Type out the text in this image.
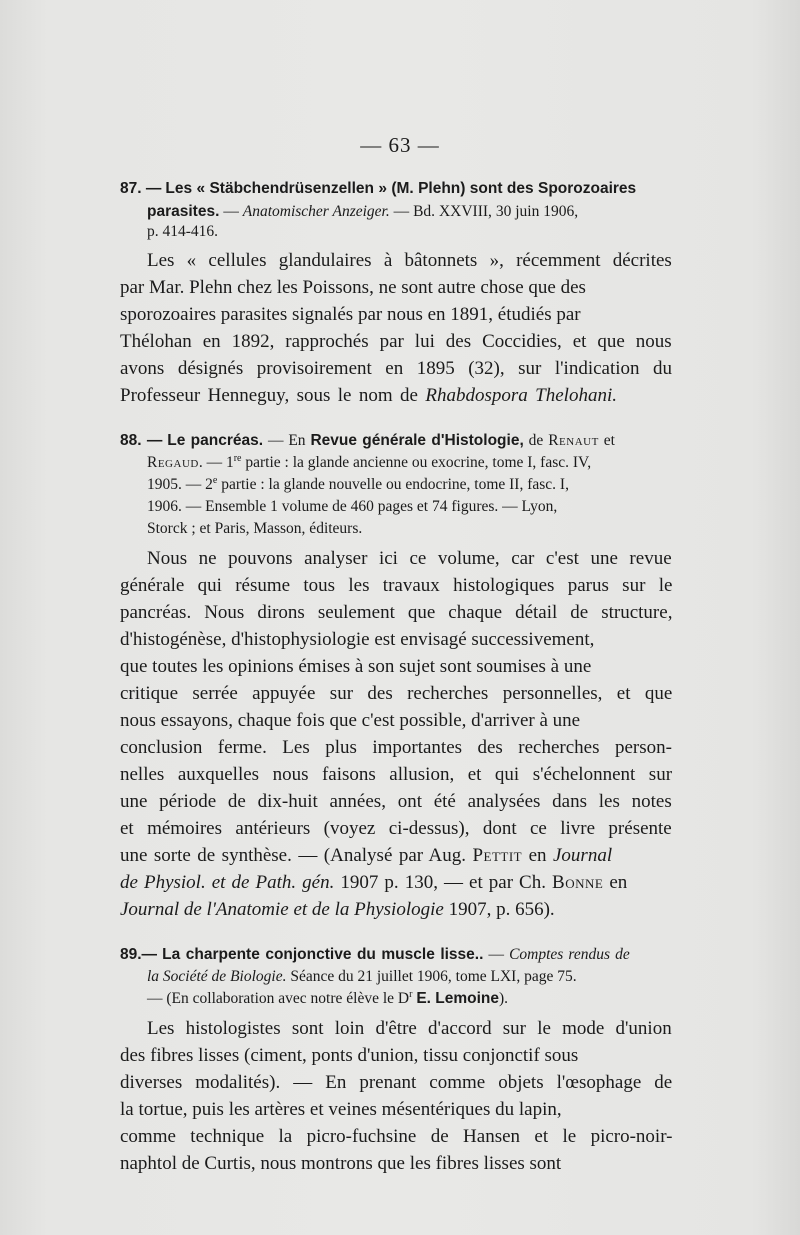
— 63 —
87. — Les « Stäbchendrüsenzellen » (M. Plehn) sont des Sporozoaires
parasites. — Anatomischer Anzeiger. — Bd. XXVIII, 30 juin 1906,
p. 414-416.
Les « cellules glandulaires à bâtonnets », récemment décrites
par Mar. Plehn chez les Poissons, ne sont autre chose que des
sporozoaires parasites signalés par nous en 1891, étudiés par
Thélohan en 1892, rapprochés par lui des Coccidies, et que nous
avons désignés provisoirement en 1895 (32), sur l'indication du
Professeur Henneguy, sous le nom de Rhabdospora Thelohani.
88. — Le pancréas. — En Revue générale d'Histologie, de Renaut et
Regaud. — 1re partie : la glande ancienne ou exocrine, tome I, fasc. IV,
1905. — 2e partie : la glande nouvelle ou endocrine, tome II, fasc. I,
1906. — Ensemble 1 volume de 460 pages et 74 figures. — Lyon,
Storck ; et Paris, Masson, éditeurs.
Nous ne pouvons analyser ici ce volume, car c'est une revue
générale qui résume tous les travaux histologiques parus sur le
pancréas. Nous dirons seulement que chaque détail de structure,
d'histogénèse, d'histophysiologie est envisagé successivement,
que toutes les opinions émises à son sujet sont soumises à une
critique serrée appuyée sur des recherches personnelles, et que
nous essayons, chaque fois que c'est possible, d'arriver à une
conclusion ferme. Les plus importantes des recherches person-
nelles auxquelles nous faisons allusion, et qui s'échelonnent sur
une période de dix-huit années, ont été analysées dans les notes
et mémoires antérieurs (voyez ci-dessus), dont ce livre présente
une sorte de synthèse. — (Analysé par Aug. Pettit en Journal
de Physiol. et de Path. gén. 1907 p. 130, — et par Ch. Bonne en
Journal de l'Anatomie et de la Physiologie 1907, p. 656).
89.— La charpente conjonctive du muscle lisse.. — Comptes rendus de
la Société de Biologie. Séance du 21 juillet 1906, tome LXI, page 75.
— (En collaboration avec notre élève le $D^r$ E. Lemoine).
Les histologistes sont loin d'être d'accord sur le mode d'union
des fibres lisses (ciment, ponts d'union, tissu conjonctif sous
diverses modalités). — En prenant comme objets l'œsophage de
la tortue, puis les artères et veines mésentériques du lapin,
comme technique la picro-fuchsine de Hansen et le picro-noir-
naphtol de Curtis, nous montrons que les fibres lisses sont
